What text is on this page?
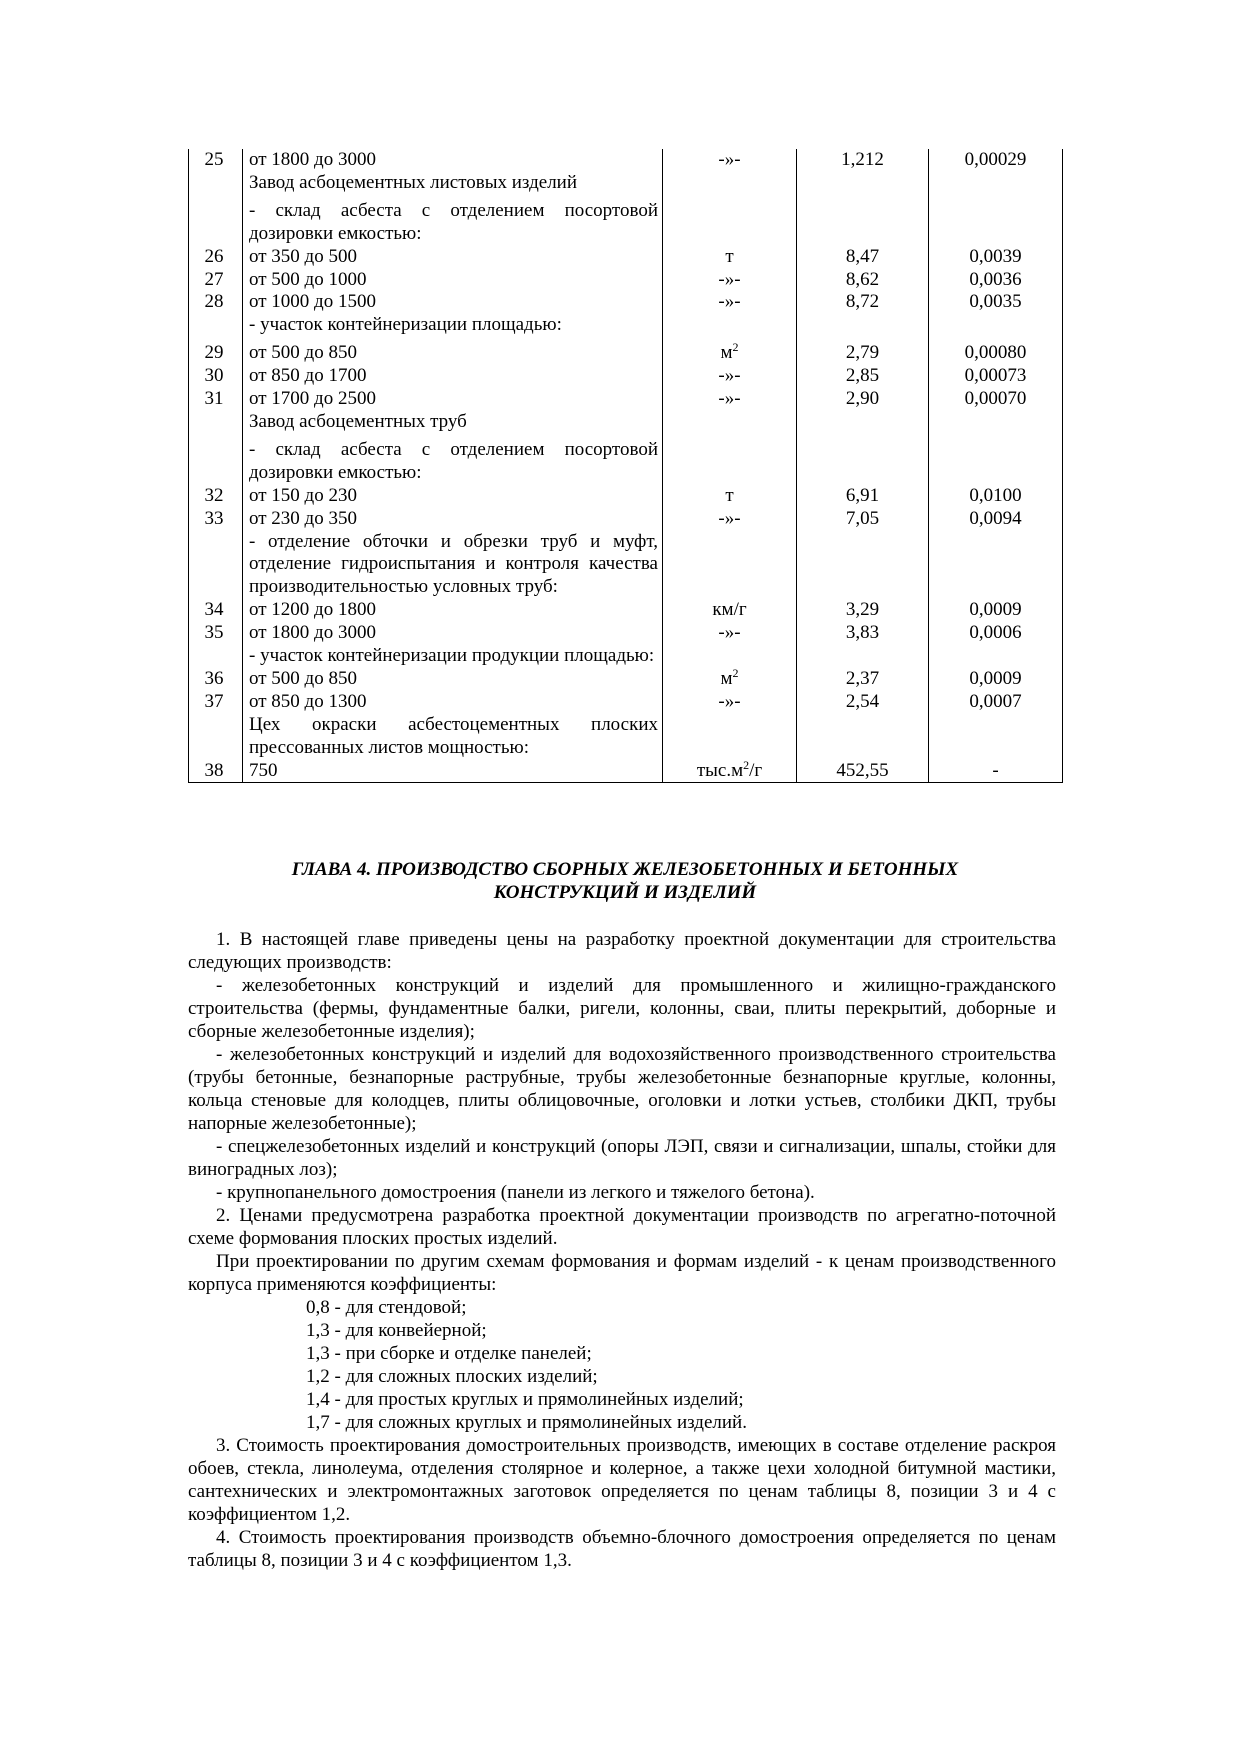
25	от 1800 до 3000	-»-	1,212	0,00029
	Завод асбоцементных листовых изделий			
	- склад асбеста с отделением посортовой дозировки емкостью:			
26	от 350 до 500	т	8,47	0,0039
27	от 500 до 1000	-»-	8,62	0,0036
28	от 1000 до 1500	-»-	8,72	0,0035
	- участок контейнеризации площадью:			
29	от 500 до 850	$м^2$	2,79	0,00080
30	от 850 до 1700	-»-	2,85	0,00073
31	от 1700 до 2500	-»-	2,90	0,00070
	Завод асбоцементных труб			
	- склад асбеста с отделением посортовой дозировки емкостью:			
32	от 150 до 230	т	6,91	0,0100
33	от 230 до 350	-»-	7,05	0,0094
	- отделение обточки и обрезки труб и муфт, отделение гидроиспытания и контроля качества производительностью условных труб:			
34	от 1200 до 1800	км/г	3,29	0,0009
35	от 1800 до 3000	-»-	3,83	0,0006
	- участок контейнеризации продукции площадью:			
36	от 500 до 850	$м^2$	2,37	0,0009
37	от 850 до 1300	-»-	2,54	0,0007
	Цех окраски асбестоцементных плоских прессованных листов мощностью:			
38	750	$тыс.м^2/г$	452,55	-
ГЛАВА 4. ПРОИЗВОДСТВО СБОРНЫХ ЖЕЛЕЗОБЕТОННЫХ И БЕТОННЫХ
КОНСТРУКЦИЙ И ИЗДЕЛИЙ

1. В настоящей главе приведены цены на разработку проектной документации для строительства следующих производств:

- железобетонных конструкций и изделий для промышленного и жилищно-гражданского строительства (фермы, фундаментные балки, ригели, колонны, сваи, плиты перекрытий, доборные и сборные железобетонные изделия);

- железобетонных конструкций и изделий для водохозяйственного производственного строительства (трубы бетонные, безнапорные раструбные, трубы железобетонные безнапорные круглые, колонны, кольца стеновые для колодцев, плиты облицовочные, оголовки и лотки устьев, столбики ДКП, трубы напорные железобетонные);

- спецжелезобетонных изделий и конструкций (опоры ЛЭП, связи и сигнализации, шпалы, стойки для виноградных лоз);

- крупнопанельного домостроения (панели из легкого и тяжелого бетона).

2. Ценами предусмотрена разработка проектной документации производств по агрегатно-поточной схеме формования плоских простых изделий.

При проектировании по другим схемам формования и формам изделий - к ценам производственного корпуса применяются коэффициенты:

0,8 - для стендовой;

1,3 - для конвейерной;

1,3 - при сборке и отделке панелей;

1,2 - для сложных плоских изделий;

1,4 - для простых круглых и прямолинейных изделий;

1,7 - для сложных круглых и прямолинейных изделий.

3. Стоимость проектирования домостроительных производств, имеющих в составе отделение раскроя обоев, стекла, линолеума, отделения столярное и колерное, а также цехи холодной битумной мастики, сантехнических и электромонтажных заготовок определяется по ценам таблицы 8, позиции 3 и 4 с коэффициентом 1,2.

4. Стоимость проектирования производств объемно-блочного домостроения определяется по ценам таблицы 8, позиции 3 и 4 с коэффициентом 1,3.
